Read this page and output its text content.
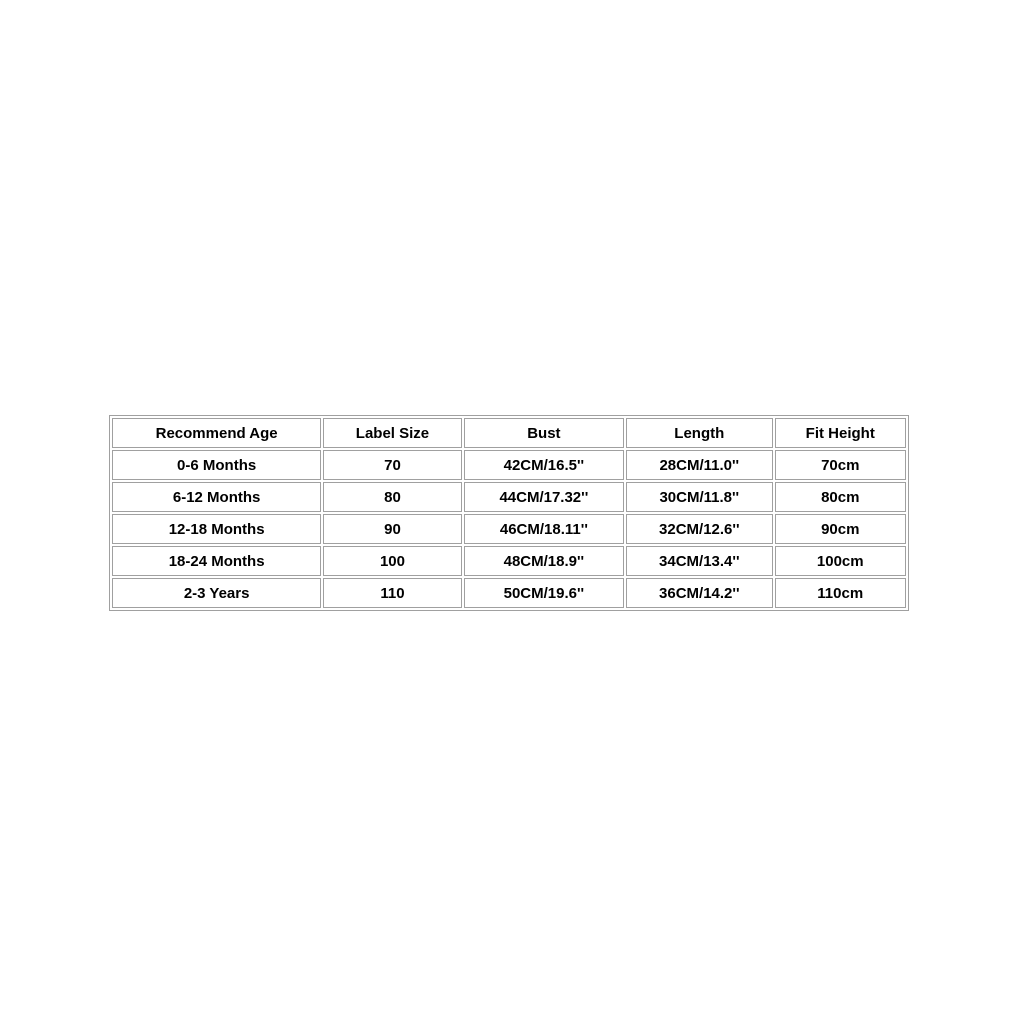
Recommend Age	Label Size	Bust	Length	Fit Height
0-6 Months	70	42CM/16.5''	28CM/11.0''	70cm
6-12 Months	80	44CM/17.32''	30CM/11.8''	80cm
12-18 Months	90	46CM/18.11''	32CM/12.6''	90cm
18-24 Months	100	48CM/18.9''	34CM/13.4''	100cm
2-3 Years	110	50CM/19.6''	36CM/14.2''	110cm
